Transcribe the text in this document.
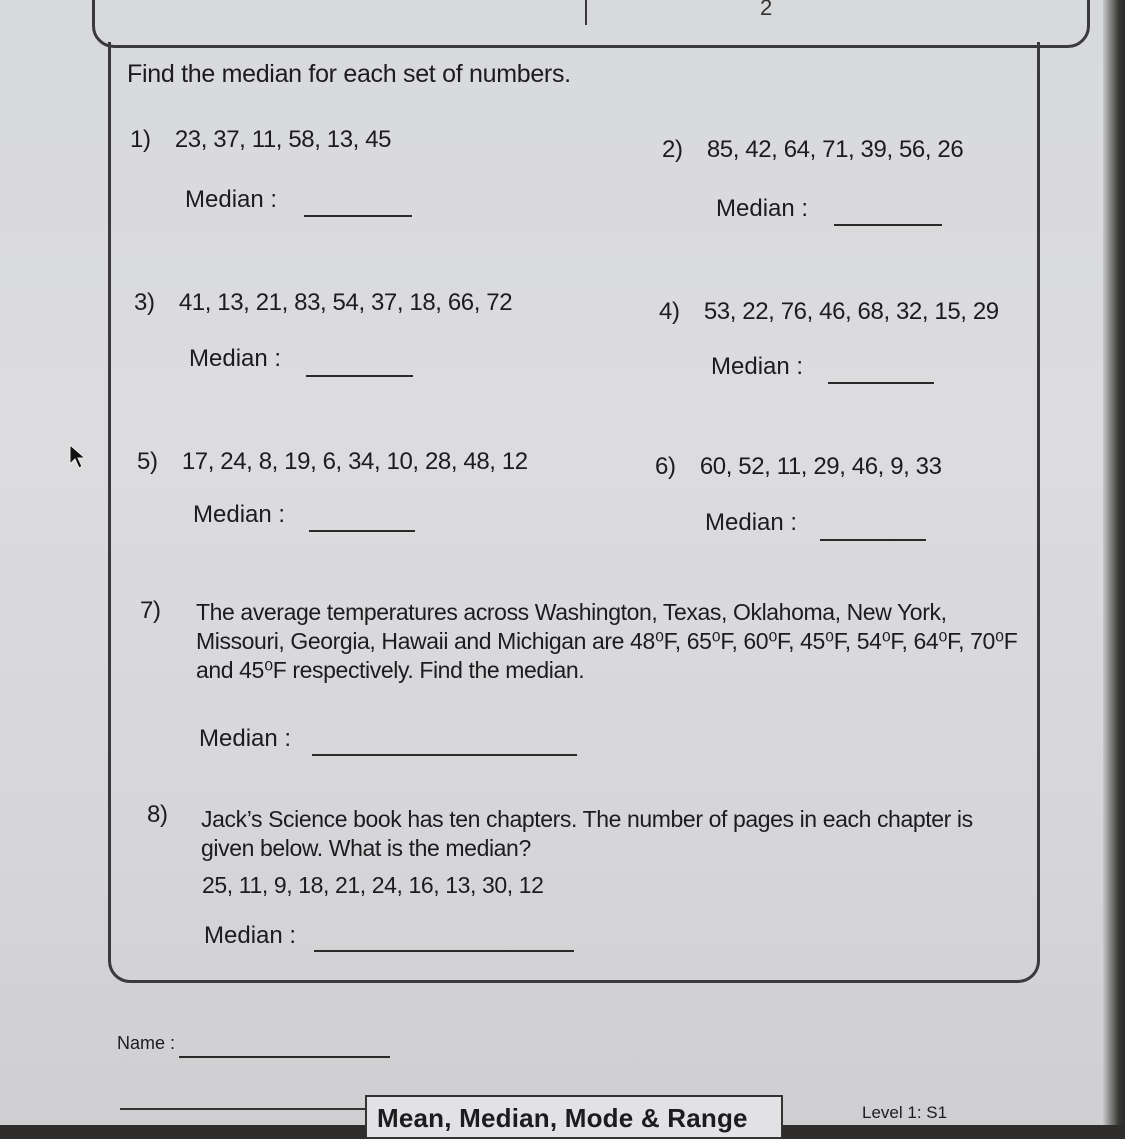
2
Find the median for each set of numbers.
1) 23, 37, 11, 58, 13, 45
Median :
2) 85, 42, 64, 71, 39, 56, 26
Median :
3) 41, 13, 21, 83, 54, 37, 18, 66, 72
Median :
4) 53, 22, 76, 46, 68, 32, 15, 29
Median :
5) 17, 24, 8, 19, 6, 34, 10, 28, 48, 12
Median :
6) 60, 52, 11, 29, 46, 9, 33
Median :
7) The average temperatures across Washington, Texas, Oklahoma, New York,
Missouri, Georgia, Hawaii and Michigan are 48⁰F, 65⁰F, 60⁰F, 45⁰F, 54⁰F, 64⁰F, 70⁰F
and 45⁰F respectively. Find the median.
Median :
8) Jack’s Science book has ten chapters. The number of pages in each chapter is
given below. What is the median?
25, 11, 9, 18, 21, 24, 16, 13, 30, 12
Median :
Name :
Mean, Median, Mode & Range	Level 1: S1
